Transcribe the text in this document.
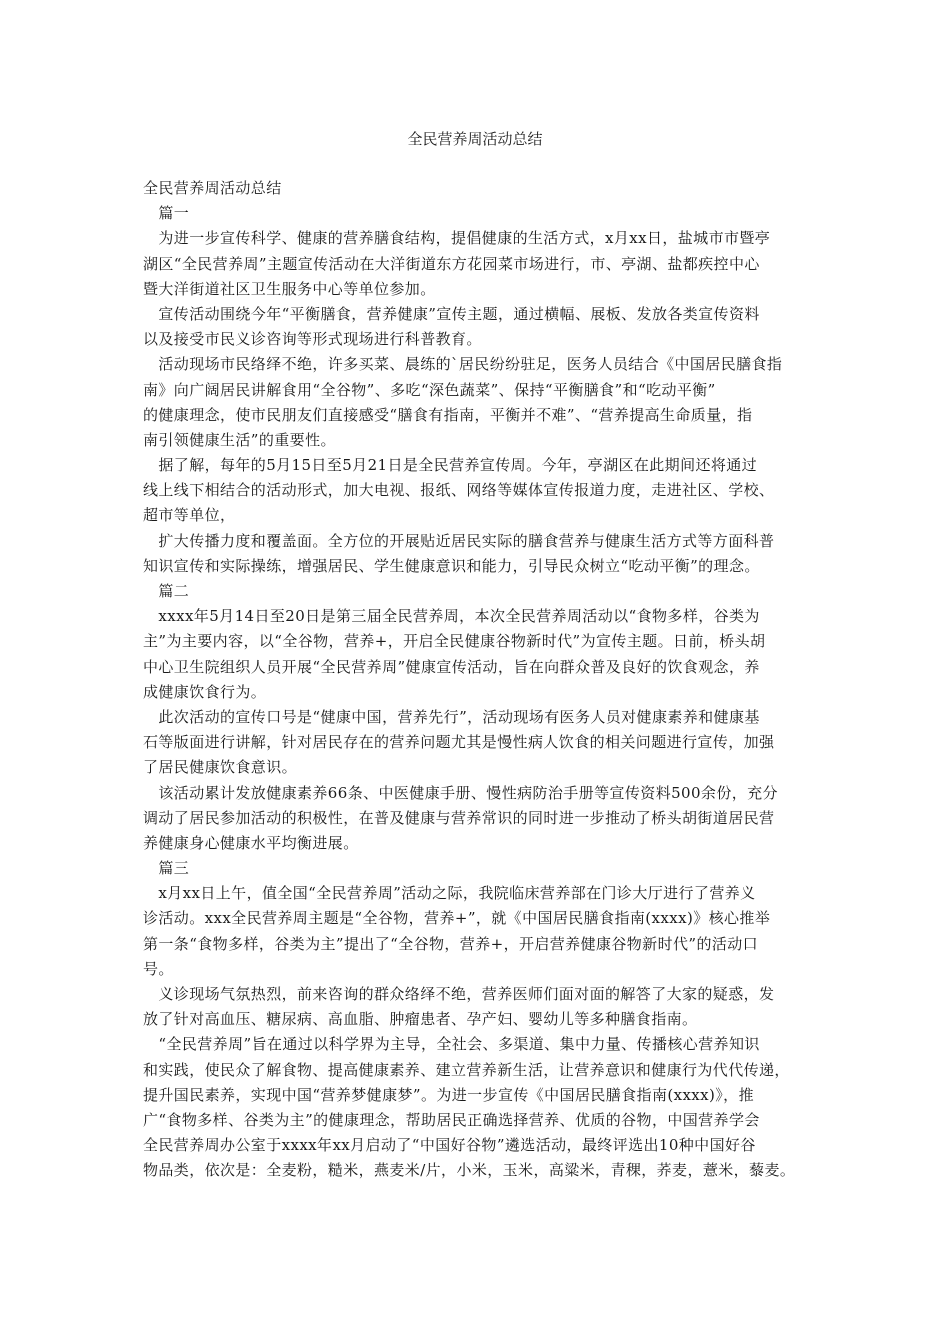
全民营养周活动总结
全民营养周活动总结
　篇一
　为进一步宣传科学、健康的营养膳食结构，提倡健康的生活方式，x月xx日，盐城市市暨亭
湖区“全民营养周”主题宣传活动在大洋街道东方花园菜市场进行，市、亭湖、盐都疾控中心
暨大洋街道社区卫生服务中心等单位参加。
　宣传活动围绕今年“平衡膳食，营养健康”宣传主题，通过横幅、展板、发放各类宣传资料
以及接受市民义诊咨询等形式现场进行科普教育。
　活动现场市民络绎不绝，许多买菜、晨练的`居民纷纷驻足，医务人员结合《中国居民膳食指
南》向广阔居民讲解食用“全谷物”、多吃“深色蔬菜”、保持“平衡膳食”和“吃动平衡”
的健康理念，使市民朋友们直接感受“膳食有指南，平衡并不难”、“营养提高生命质量，指
南引领健康生活”的重要性。
　据了解，每年的5月15日至5月21日是全民营养宣传周。今年，亭湖区在此期间还将通过
线上线下相结合的活动形式，加大电视、报纸、网络等媒体宣传报道力度，走进社区、学校、
超市等单位，
　扩大传播力度和覆盖面。全方位的开展贴近居民实际的膳食营养与健康生活方式等方面科普
知识宣传和实际操练，增强居民、学生健康意识和能力，引导民众树立“吃动平衡”的理念。
　篇二
　xxxx年5月14日至20日是第三届全民营养周，本次全民营养周活动以“食物多样，谷类为
主”为主要内容，以“全谷物，营养+，开启全民健康谷物新时代”为宣传主题。日前，桥头胡
中心卫生院组织人员开展“全民营养周”健康宣传活动，旨在向群众普及良好的饮食观念，养
成健康饮食行为。
　此次活动的宣传口号是“健康中国，营养先行”，活动现场有医务人员对健康素养和健康基
石等版面进行讲解，针对居民存在的营养问题尤其是慢性病人饮食的相关问题进行宣传，加强
了居民健康饮食意识。
　该活动累计发放健康素养66条、中医健康手册、慢性病防治手册等宣传资料500余份，充分
调动了居民参加活动的积极性，在普及健康与营养常识的同时进一步推动了桥头胡街道居民营
养健康身心健康水平均衡进展。
　篇三
　x月xx日上午，值全国“全民营养周”活动之际，我院临床营养部在门诊大厅进行了营养义
诊活动。xxx全民营养周主题是“全谷物，营养+”，就《中国居民膳食指南(xxxx)》核心推举
第一条“食物多样，谷类为主”提出了“全谷物，营养+，开启营养健康谷物新时代”的活动口
号。
　义诊现场气氛热烈，前来咨询的群众络绎不绝，营养医师们面对面的解答了大家的疑惑，发
放了针对高血压、糖尿病、高血脂、肿瘤患者、孕产妇、婴幼儿等多种膳食指南。
　“全民营养周”旨在通过以科学界为主导，全社会、多渠道、集中力量、传播核心营养知识
和实践，使民众了解食物、提高健康素养、建立营养新生活，让营养意识和健康行为代代传递，
提升国民素养，实现中国“营养梦健康梦”。为进一步宣传《中国居民膳食指南(xxxx)》，推
广“食物多样、谷类为主”的健康理念，帮助居民正确选择营养、优质的谷物，中国营养学会
全民营养周办公室于xxxx年xx月启动了“中国好谷物”遴选活动，最终评选出10种中国好谷
物品类，依次是：全麦粉，糙米，燕麦米/片，小米，玉米，高粱米，青稞，荞麦，薏米，藜麦。
